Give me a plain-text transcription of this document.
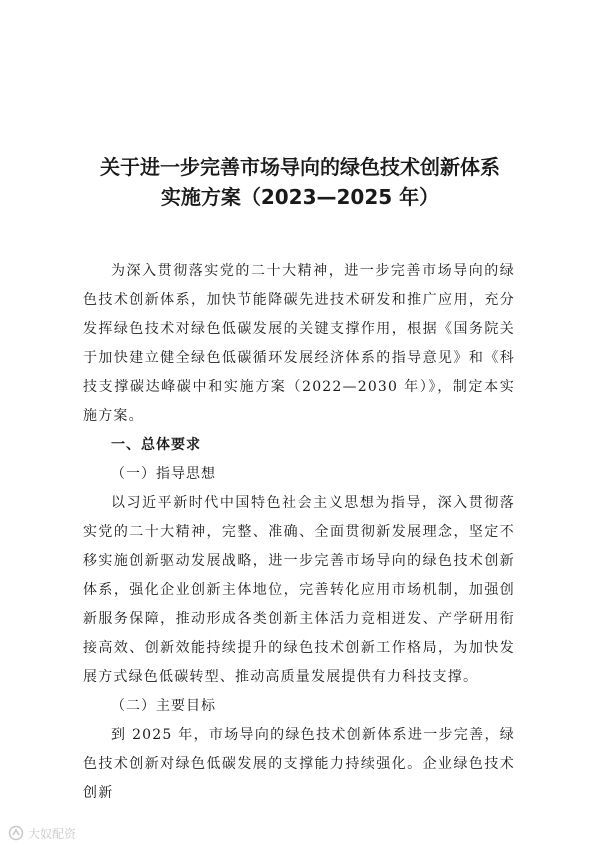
关于进一步完善市场导向的绿色技术创新体系
实施方案（2023—2025 年）

为深入贯彻落实党的二十大精神，进一步完善市场导向的绿色技术创新体系，加快节能降碳先进技术研发和推广应用，充分发挥绿色技术对绿色低碳发展的关键支撑作用，根据《国务院关于加快建立健全绿色低碳循环发展经济体系的指导意见》和《科技支撑碳达峰碳中和实施方案（2022—2030 年）》，制定本实施方案。

一、总体要求
（一）指导思想

以习近平新时代中国特色社会主义思想为指导，深入贯彻落实党的二十大精神，完整、准确、全面贯彻新发展理念，坚定不移实施创新驱动发展战略，进一步完善市场导向的绿色技术创新体系，强化企业创新主体地位，完善转化应用市场机制，加强创新服务保障，推动形成各类创新主体活力竞相迸发、产学研用衔接高效、创新效能持续提升的绿色技术创新工作格局，为加快发展方式绿色低碳转型、推动高质量发展提供有力科技支撑。

（二）主要目标

到 2025 年，市场导向的绿色技术创新体系进一步完善，绿色技术创新对绿色低碳发展的支撑能力持续强化。企业绿色技术创新

大奴配资
